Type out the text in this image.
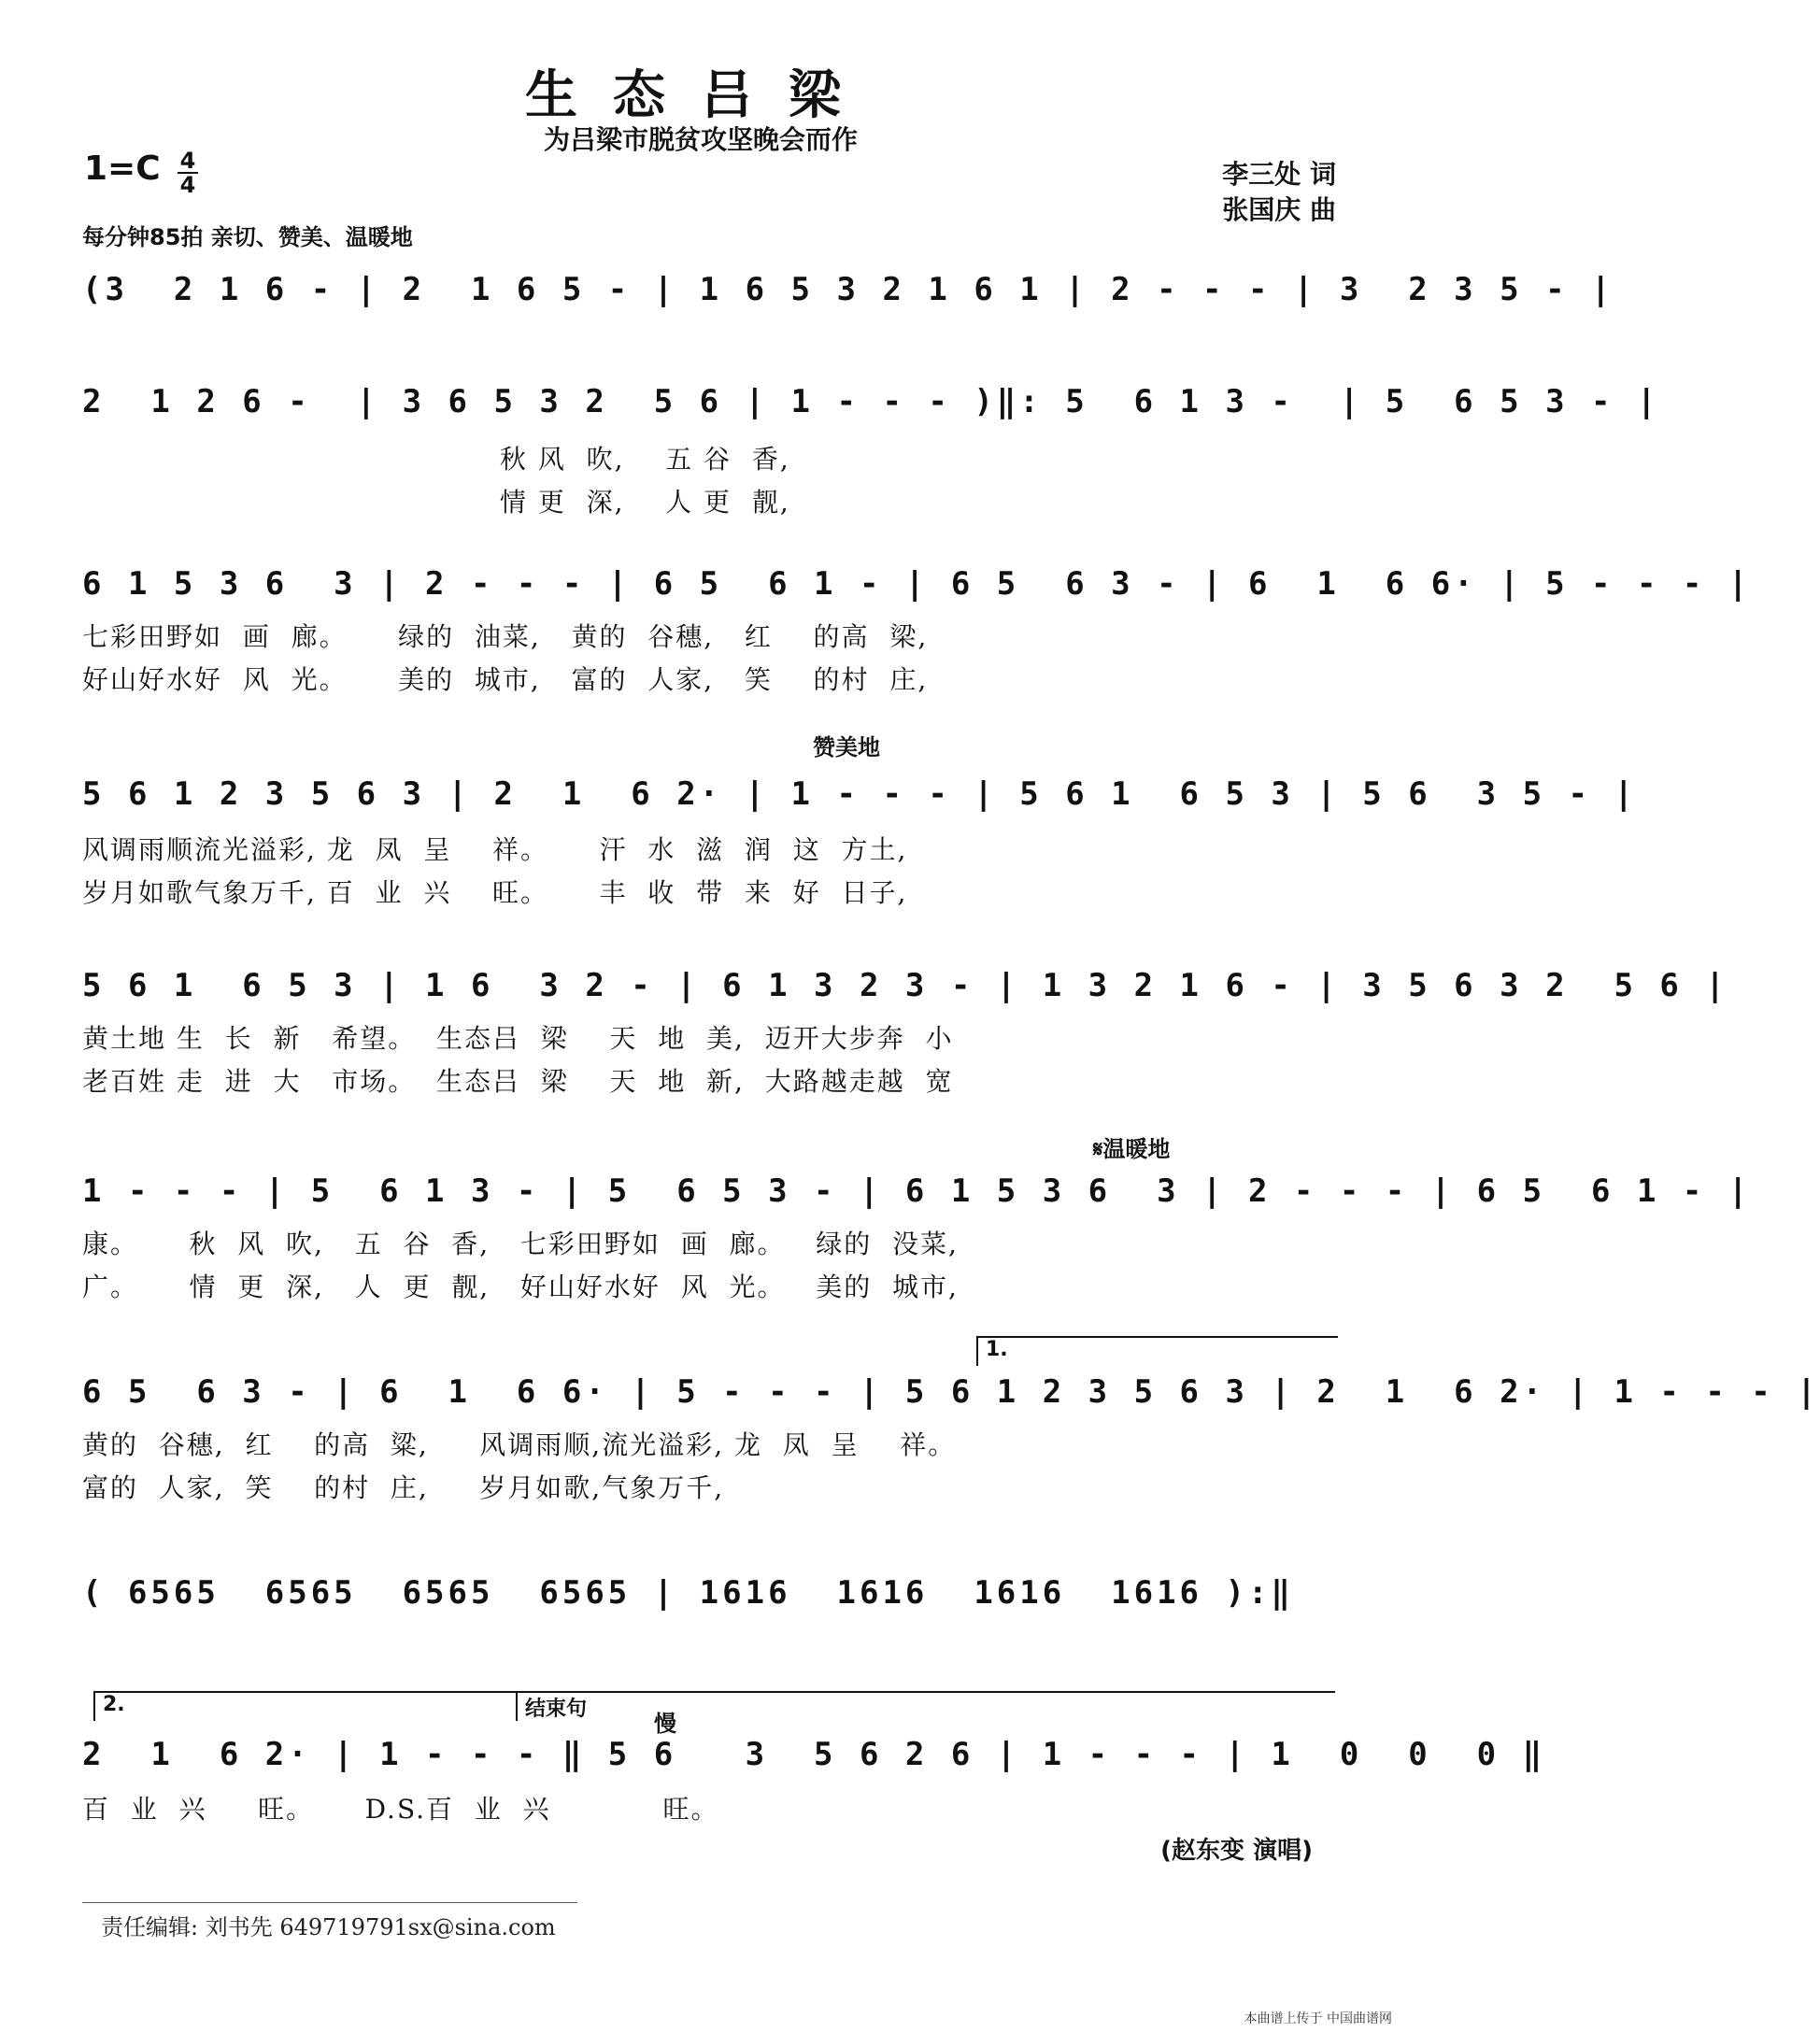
生态吕梁
为吕梁市脱贫攻坚晚会而作
1=C 4
4
每分钟85拍 亲切、赞美、温暖地
李三处 词
张国庆 曲
(3  2 1 6 - | 2  1 6 5 - | 1 6 5 3 2 1 6 1 | 2 - - - | 3  2 3 5 - |
2  1 2 6 -  | 3 6 5 3 2  5 6 | 1 - - - )‖: 5  6 1 3 -  | 5  6 5 3 - |
秋 风  吹,    五 谷  香,
情 更  深,    人 更  靓,
6 1 5 3 6  3 | 2 - - - | 6 5  6 1 - | 6 5  6 3 - | 6  1  6 6· | 5 - - - |
七彩田野如  画  廊。     绿的  油菜,   黄的  谷穗,   红    的高  梁,
好山好水好  风  光。     美的  城市,   富的  人家,   笑    的村  庄,
赞美地
5 6 1 2 3 5 6 3 | 2  1  6 2· | 1 - - - | 5 6 1  6 5 3 | 5 6  3 5 - |
风调雨顺流光溢彩, 龙  凤  呈    祥。     汗  水  滋  润  这  方土,
岁月如歌气象万千, 百  业  兴    旺。     丰  收  带  来  好  日子,
5 6 1  6 5 3 | 1 6  3 2 - | 6 1 3 2 3 - | 1 3 2 1 6 - | 3 5 6 3 2  5 6 |
黄土地 生  长  新   希望。  生态吕  梁    天  地  美,  迈开大步奔  小
老百姓 走  进  大   市场。  生态吕  梁    天  地  新,  大路越走越  宽
𝄋温暖地
1 - - - | 5  6 1 3 - | 5  6 5 3 - | 6 1 5 3 6  3 | 2 - - - | 6 5  6 1 - |
康。     秋  风  吹,   五  谷  香,   七彩田野如  画  廊。   绿的  没菜,
广。     情  更  深,   人  更  靓,   好山好水好  风  光。   美的  城市,
1.
6 5  6 3 - | 6  1  6 6· | 5 - - - | 5 6 1 2 3 5 6 3 | 2  1  6 2· | 1 - - - |
黄的  谷穗,  红    的高  粱,     风调雨顺,流光溢彩, 龙  凤  呈    祥。
富的  人家,  笑    的村  庄,     岁月如歌,气象万千,
( 6565  6565  6565  6565 | 1616  1616  1616  1616 ):‖
2.	结束句
慢
2  1  6 2· | 1 - - - ‖ 5 6   3  5 6 2 6 | 1 - - - | 1  0  0  0 ‖
百  业  兴     旺。     D.S.百  业  兴           旺。
(赵东变 演唱)
责任编辑: 刘书先 649719791sx@sina.com
本曲谱上传于 中国曲谱网
